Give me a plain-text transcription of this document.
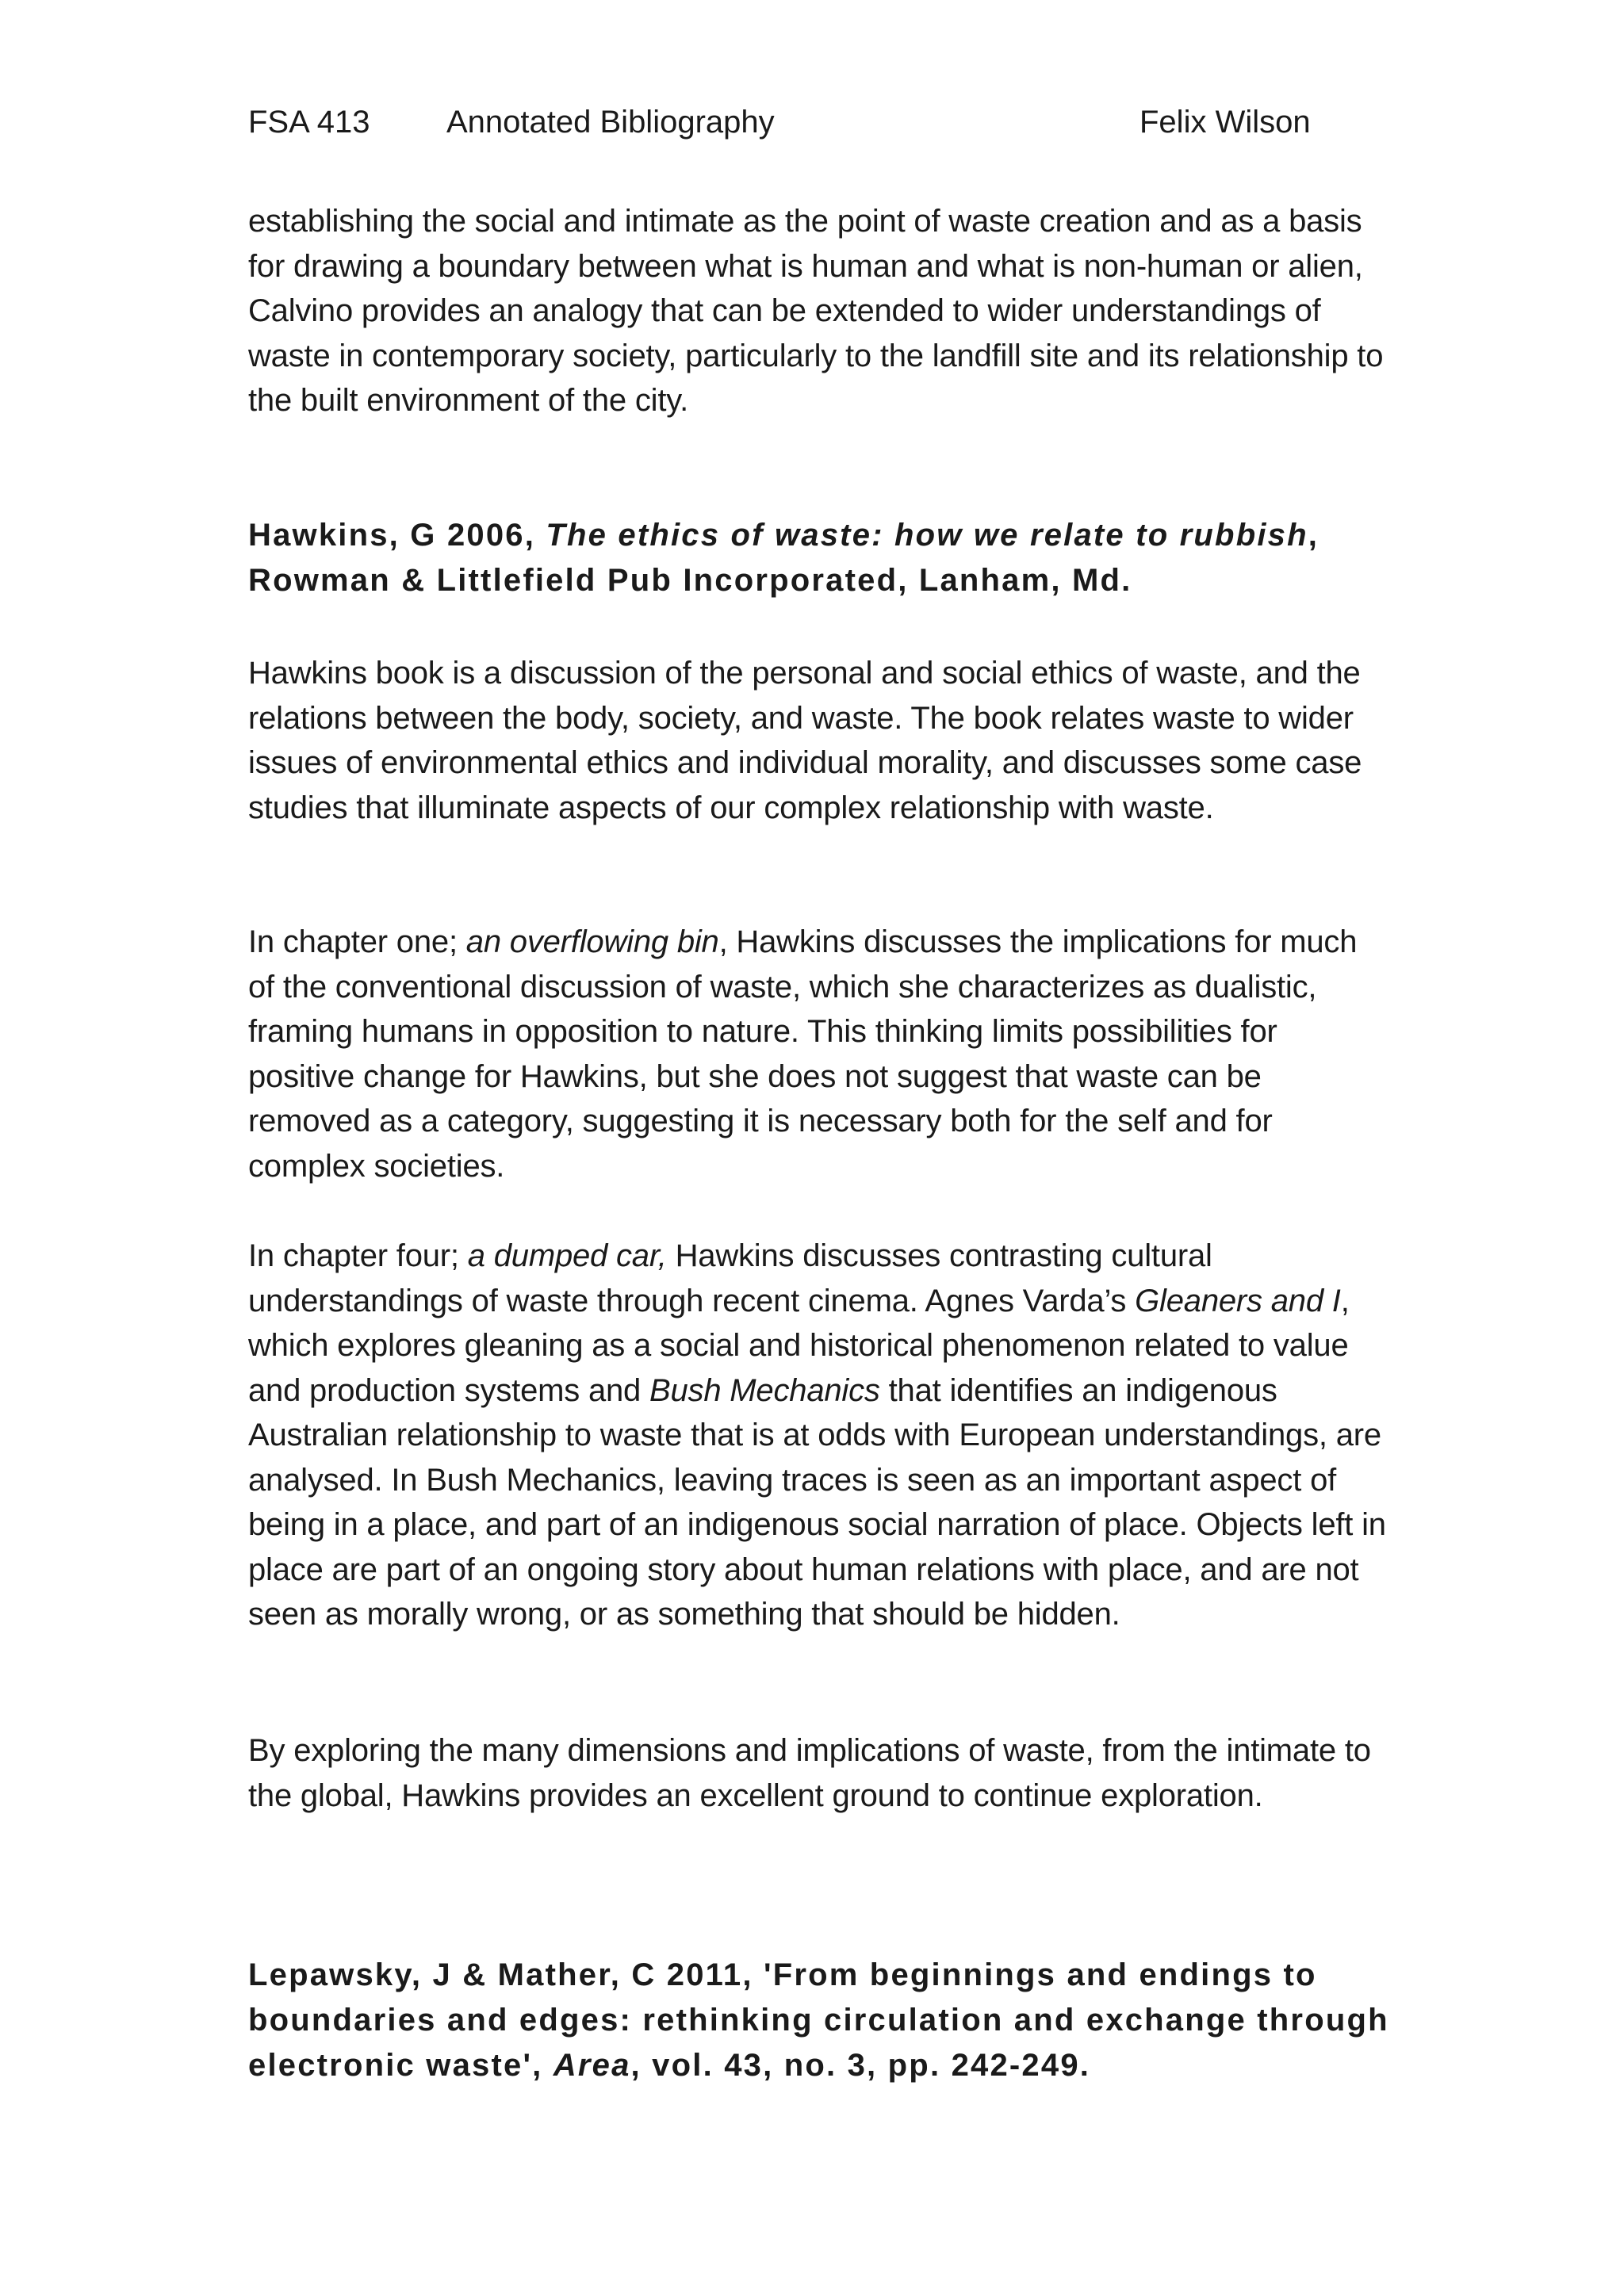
FSA 413 Annotated Bibliography	Felix Wilson

establishing the social and intimate as the point of waste creation and as a basis for drawing a boundary between what is human and what is non-human or alien, Calvino provides an analogy that can be extended to wider understandings of waste in contemporary society, particularly to the landfill site and its relationship to the built environment of the city.

Hawkins, G 2006, The ethics of waste: how we relate to rubbish, Rowman & Littlefield Pub Incorporated, Lanham, Md.

Hawkins book is a discussion of the personal and social ethics of waste, and the relations between the body, society, and waste. The book relates waste to wider issues of environmental ethics and individual morality, and discusses some case studies that illuminate aspects of our complex relationship with waste.

In chapter one; an overflowing bin, Hawkins discusses the implications for much of the conventional discussion of waste, which she characterizes as dualistic, framing humans in opposition to nature. This thinking limits possibilities for positive change for Hawkins, but she does not suggest that waste can be removed as a category, suggesting it is necessary both for the self and for complex societies.

In chapter four; a dumped car, Hawkins discusses contrasting cultural understandings of waste through recent cinema. Agnes Varda’s Gleaners and I, which explores gleaning as a social and historical phenomenon related to value and production systems and Bush Mechanics that identifies an indigenous Australian relationship to waste that is at odds with European understandings, are analysed. In Bush Mechanics, leaving traces is seen as an important aspect of being in a place, and part of an indigenous social narration of place. Objects left in place are part of an ongoing story about human relations with place, and are not seen as morally wrong, or as something that should be hidden.

By exploring the many dimensions and implications of waste, from the intimate to the global, Hawkins provides an excellent ground to continue exploration.

Lepawsky, J & Mather, C 2011, 'From beginnings and endings to boundaries and edges: rethinking circulation and exchange through electronic waste', Area, vol. 43, no. 3, pp. 242-249.
